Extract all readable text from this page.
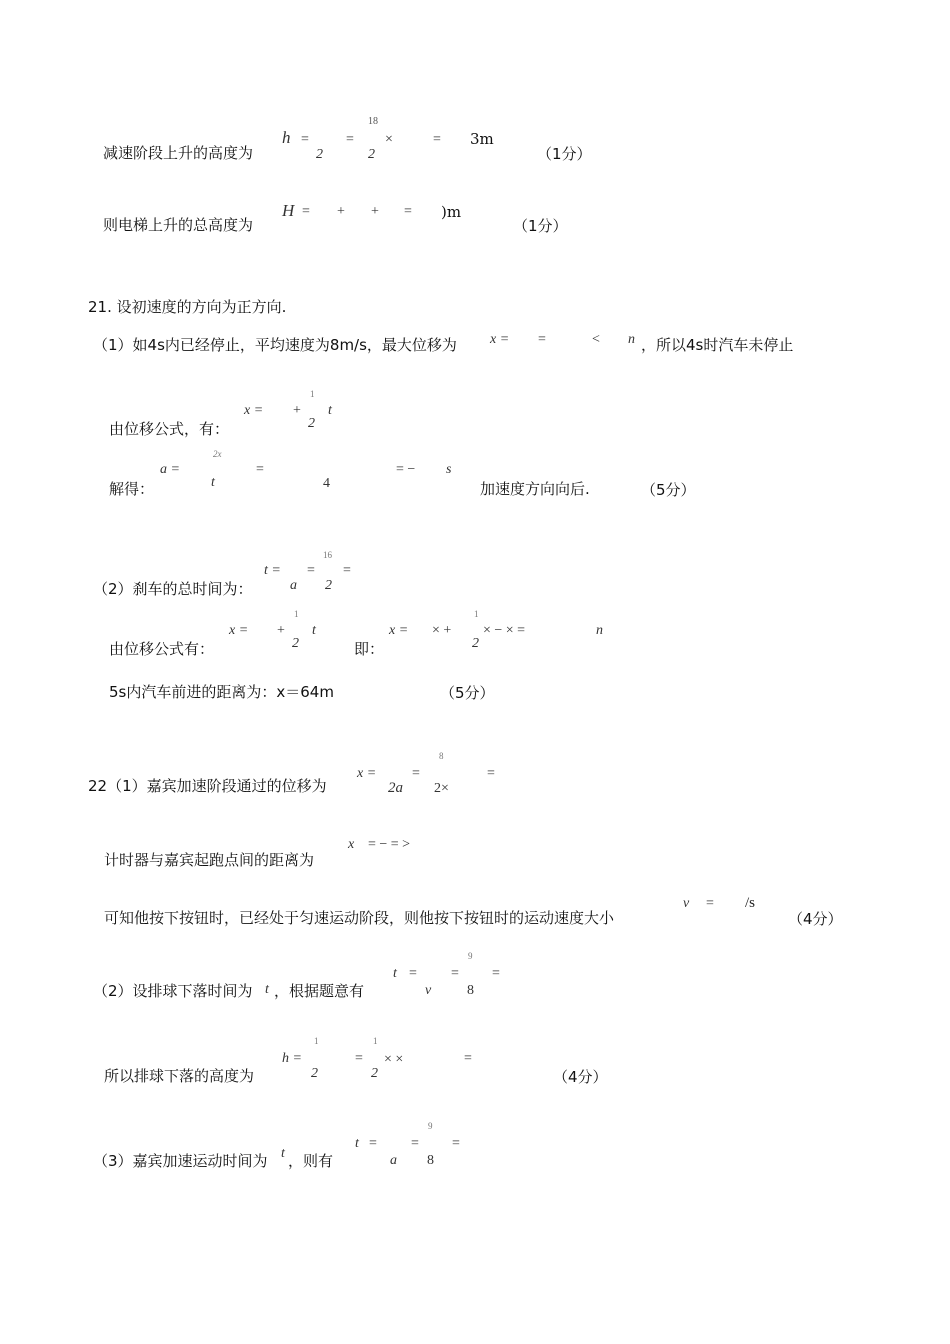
减速阶段上升的高度为
h =
2
=
18
2
×	= 3m
（1分）
则电梯上升的总高度为
H = + + = )m
（1分）
21. 设初速度的方向为正方向.
（1）如4s内已经停止，平均速度为8m/s，最大位移为 x = =	< n ，所以4s时汽车未停止
由位移公式，有：
x = +
1
2
t
解得：
a =
2x
t
=
4
= − s
加速度方向向后.	（5分）
（2）刹车的总时间为：
t =
a
=
16
2
=
由位移公式有：
x = +
1
2
t
即：
x = × +
1
2
× − × =	n
5s内汽车前进的距离为：x＝64m	（5分）
22（1）嘉宾加速阶段通过的位移为
x =
2a
=
8
2×
=
计时器与嘉宾起跑点间的距离为
x = − = >
可知他按下按钮时，已经处于匀速运动阶段，则他按下按钮时的运动速度大小
v = /s
（4分）
（2）设排球下落时间为 t ，根据题意有
t =
v
=
9
8
=
所以排球下落的高度为
h =
1
2
=
1
2
× ×	=
（4分）
（3）嘉宾加速运动时间为 t ，则有
t =
a
=
9
8
=
